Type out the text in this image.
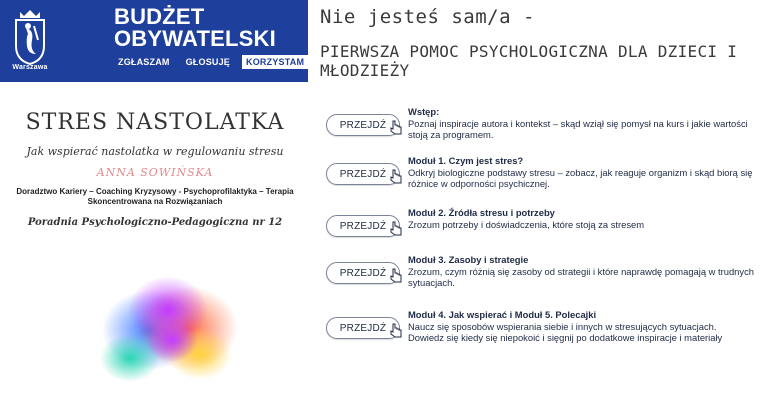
Warszawa
BUDŻET
OBYWATELSKI
ZGŁASZAM	GŁOSUJĘ	KORZYSTAM
Nie jesteś sam/a -
PIERWSZA POMOC PSYCHOLOGICZNA DLA DZIECI I MŁODZIEŻY
STRES NASTOLATKA
Jak wspierać nastolatka w regulowaniu stresu
ANNA SOWIŃSKA
Doradztwo Kariery – Coaching Kryzysowy - Psychoprofilaktyka – Terapia Skoncentrowana na Rozwiązaniach
Poradnia Psychologiczno-Pedagogiczna nr 12
PRZEJDŹ
Wstęp:
Poznaj inspiracje autora i kontekst – skąd wziął się pomysł na kurs i jakie wartości stoją za programem.
PRZEJDŹ
Moduł 1. Czym jest stres?
Odkryj biologiczne podstawy stresu – zobacz, jak reaguje organizm i skąd biorą się różnice w odporności psychicznej.
PRZEJDŹ
Moduł 2. Źródła stresu i potrzeby
Zrozum potrzeby i doświadczenia, które stoją za stresem
PRZEJDŹ
Moduł 3. Zasoby i strategie
Zrozum, czym różnią się zasoby od strategii i które naprawdę pomagają w trudnych sytuacjach.
PRZEJDŹ
Moduł 4. Jak wspierać i Moduł 5. Polecajki
Naucz się sposobów wspierania siebie i innych w stresujących sytuacjach. Dowiedz się kiedy się niepokoić i sięgnij po dodatkowe inspiracje i materiały
